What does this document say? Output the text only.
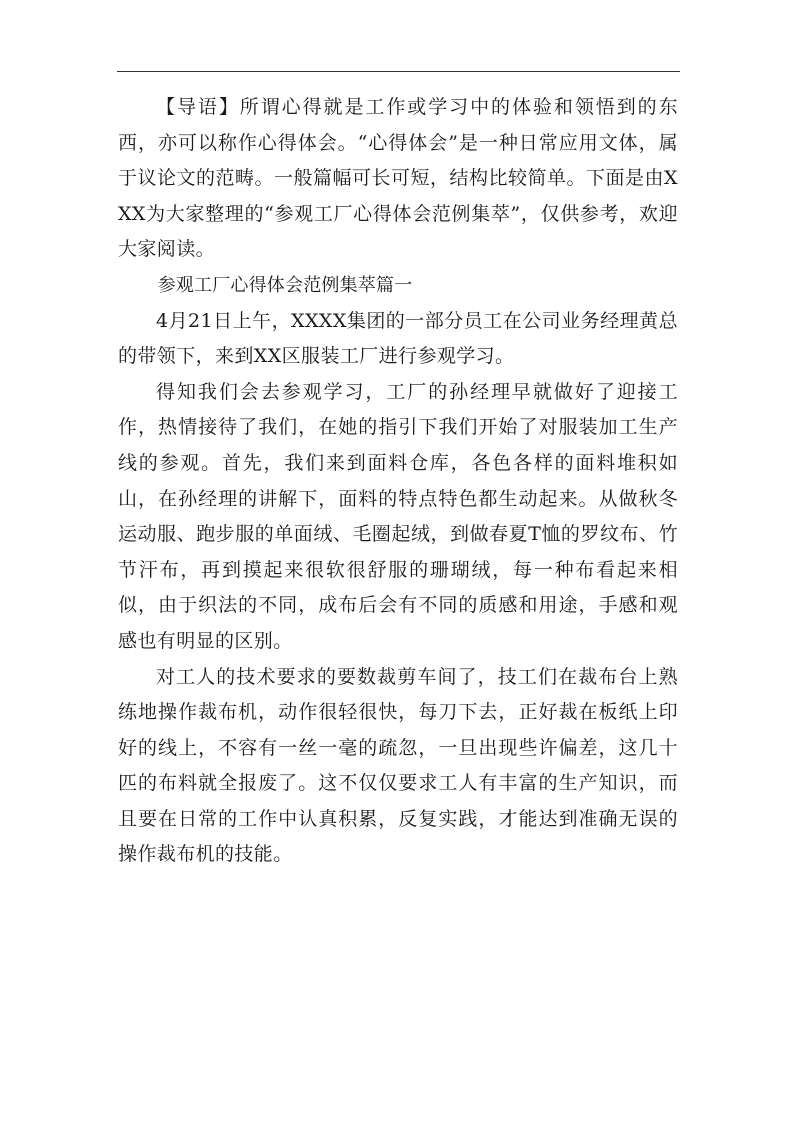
【导语】所谓心得就是工作或学习中的体验和领悟到的东西，亦可以称作心得体会。“心得体会”是一种日常应用文体，属于议论文的范畴。一般篇幅可长可短，结构比较简单。下面是由XXX为大家整理的“参观工厂心得体会范例集萃”，仅供参考，欢迎大家阅读。

参观工厂心得体会范例集萃篇一

4月21日上午，XXXX集团的一部分员工在公司业务经理黄总的带领下，来到XX区服装工厂进行参观学习。

得知我们会去参观学习，工厂的孙经理早就做好了迎接工作，热情接待了我们，在她的指引下我们开始了对服装加工生产线的参观。首先，我们来到面料仓库，各色各样的面料堆积如山，在孙经理的讲解下，面料的特点特色都生动起来。从做秋冬运动服、跑步服的单面绒、毛圈起绒，到做春夏T恤的罗纹布、竹节汗布，再到摸起来很软很舒服的珊瑚绒，每一种布看起来相似，由于织法的不同，成布后会有不同的质感和用途，手感和观感也有明显的区别。

对工人的技术要求的要数裁剪车间了，技工们在裁布台上熟练地操作裁布机，动作很轻很快，每刀下去，正好裁在板纸上印好的线上，不容有一丝一毫的疏忽，一旦出现些许偏差，这几十匹的布料就全报废了。这不仅仅要求工人有丰富的生产知识，而且要在日常的工作中认真积累，反复实践，才能达到准确无误的操作裁布机的技能。
